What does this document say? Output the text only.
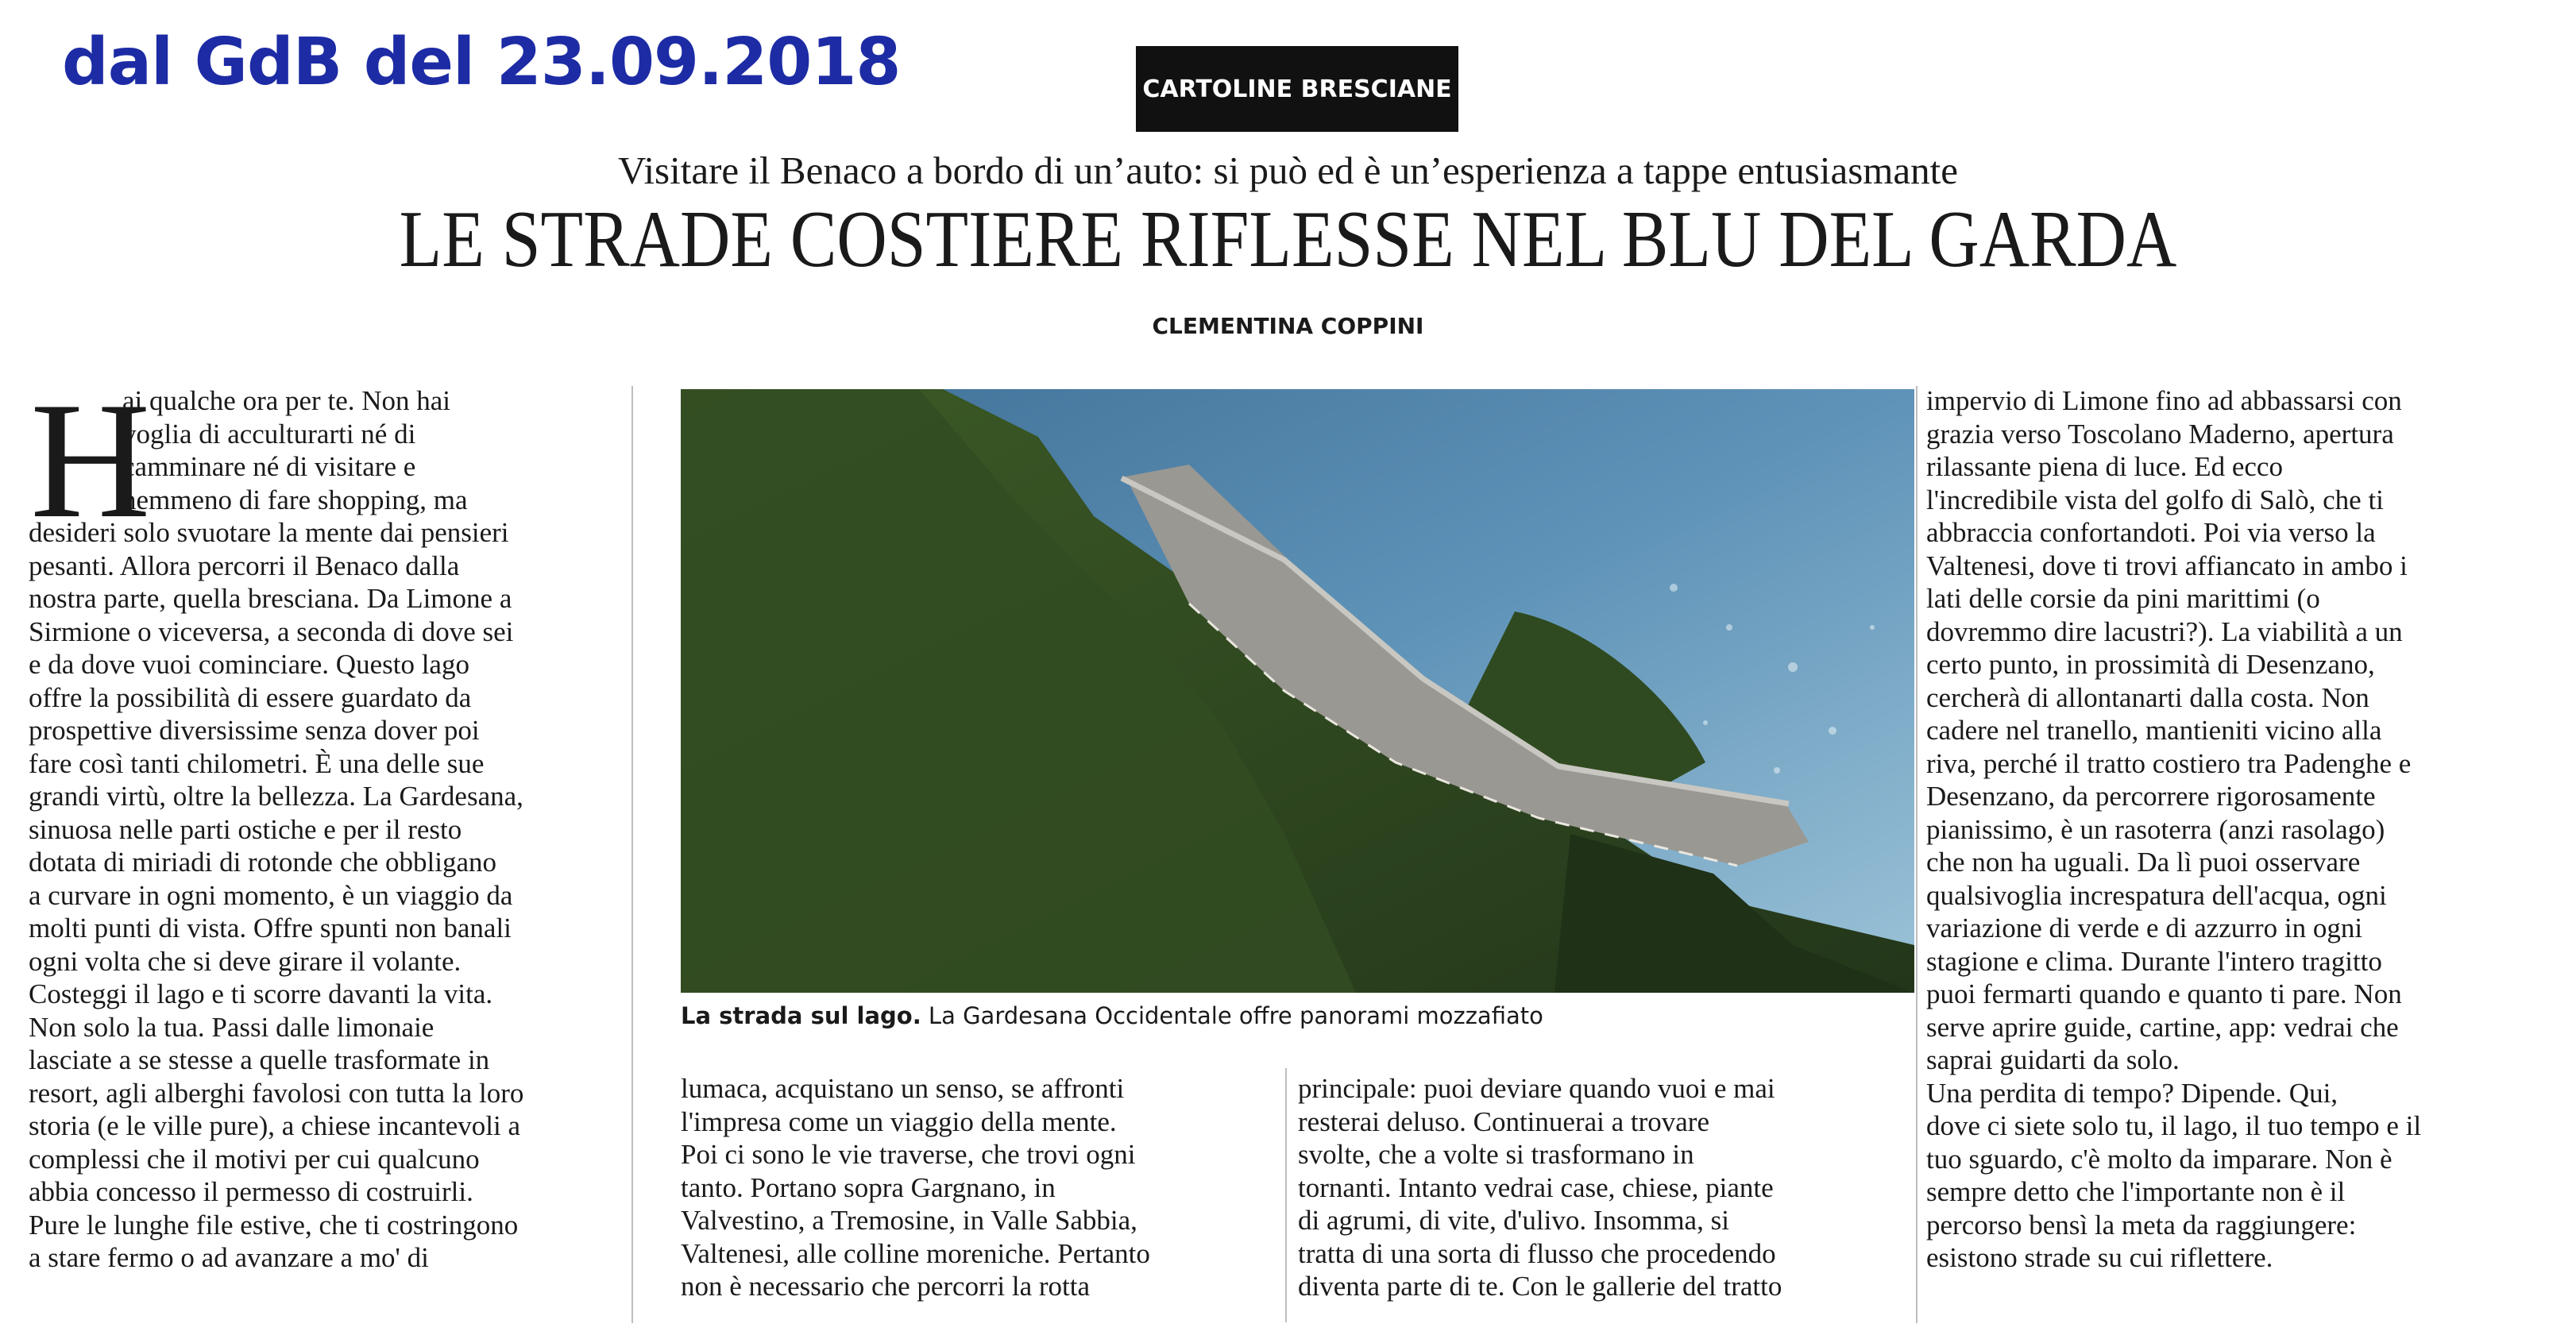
dal GdB del 23.09.2018	CARTOLINE BRESCIANE
Visitare il Benaco a bordo di un’auto: si può ed è un’esperienza a tappe entusiasmante
LE STRADE COSTIERE RIFLESSE NEL BLU DEL GARDA
CLEMENTINA COPPINI
H

ai qualche ora per te. Non hai
voglia di acculturarti né di
camminare né di visitare e
nemmeno di fare shopping, ma
desideri solo svuotare la mente dai pensieri
pesanti. Allora percorri il Benaco dalla
nostra parte, quella bresciana. Da Limone a
Sirmione o viceversa, a seconda di dove sei
e da dove vuoi cominciare. Questo lago
offre la possibilità di essere guardato da
prospettive diversissime senza dover poi
fare così tanti chilometri. È una delle sue
grandi virtù, oltre la bellezza. La Gardesana,
sinuosa nelle parti ostiche e per il resto
dotata di miriadi di rotonde che obbligano
a curvare in ogni momento, è un viaggio da
molti punti di vista. Offre spunti non banali
ogni volta che si deve girare il volante.

Costeggi il lago e ti scorre davanti la vita.
Non solo la tua. Passi dalle limonaie
lasciate a se stesse a quelle trasformate in
resort, agli alberghi favolosi con tutta la loro
storia (e le ville pure), a chiese incantevoli a
complessi che il motivi per cui qualcuno
abbia concesso il permesso di costruirli.
Pure le lunghe file estive, che ti costringono
a stare fermo o ad avanzare a mo' di

La strada sul lago. La Gardesana Occidentale offre panorami mozzafiato

lumaca, acquistano un senso, se affronti
l'impresa come un viaggio della mente.
Poi ci sono le vie traverse, che trovi ogni
tanto. Portano sopra Gargnano, in
Valvestino, a Tremosine, in Valle Sabbia,
Valtenesi, alle colline moreniche. Pertanto
non è necessario che percorri la rotta

principale: puoi deviare quando vuoi e mai
resterai deluso. Continuerai a trovare
svolte, che a volte si trasformano in
tornanti. Intanto vedrai case, chiese, piante
di agrumi, di vite, d'ulivo. Insomma, si
tratta di una sorta di flusso che procedendo
diventa parte di te. Con le gallerie del tratto

impervio di Limone fino ad abbassarsi con
grazia verso Toscolano Maderno, apertura
rilassante piena di luce. Ed ecco
l'incredibile vista del golfo di Salò, che ti
abbraccia confortandoti. Poi via verso la
Valtenesi, dove ti trovi affiancato in ambo i
lati delle corsie da pini marittimi (o
dovremmo dire lacustri?). La viabilità a un
certo punto, in prossimità di Desenzano,
cercherà di allontanarti dalla costa. Non
cadere nel tranello, mantieniti vicino alla
riva, perché il tratto costiero tra Padenghe e
Desenzano, da percorrere rigorosamente
pianissimo, è un rasoterra (anzi rasolago)
che non ha uguali. Da lì puoi osservare
qualsivoglia increspatura dell'acqua, ogni
variazione di verde e di azzurro in ogni
stagione e clima. Durante l'intero tragitto
puoi fermarti quando e quanto ti pare. Non
serve aprire guide, cartine, app: vedrai che
saprai guidarti da solo.

Una perdita di tempo? Dipende. Qui,
dove ci siete solo tu, il lago, il tuo tempo e il
tuo sguardo, c'è molto da imparare. Non è
sempre detto che l'importante non è il
percorso bensì la meta da raggiungere:
esistono strade su cui riflettere.
